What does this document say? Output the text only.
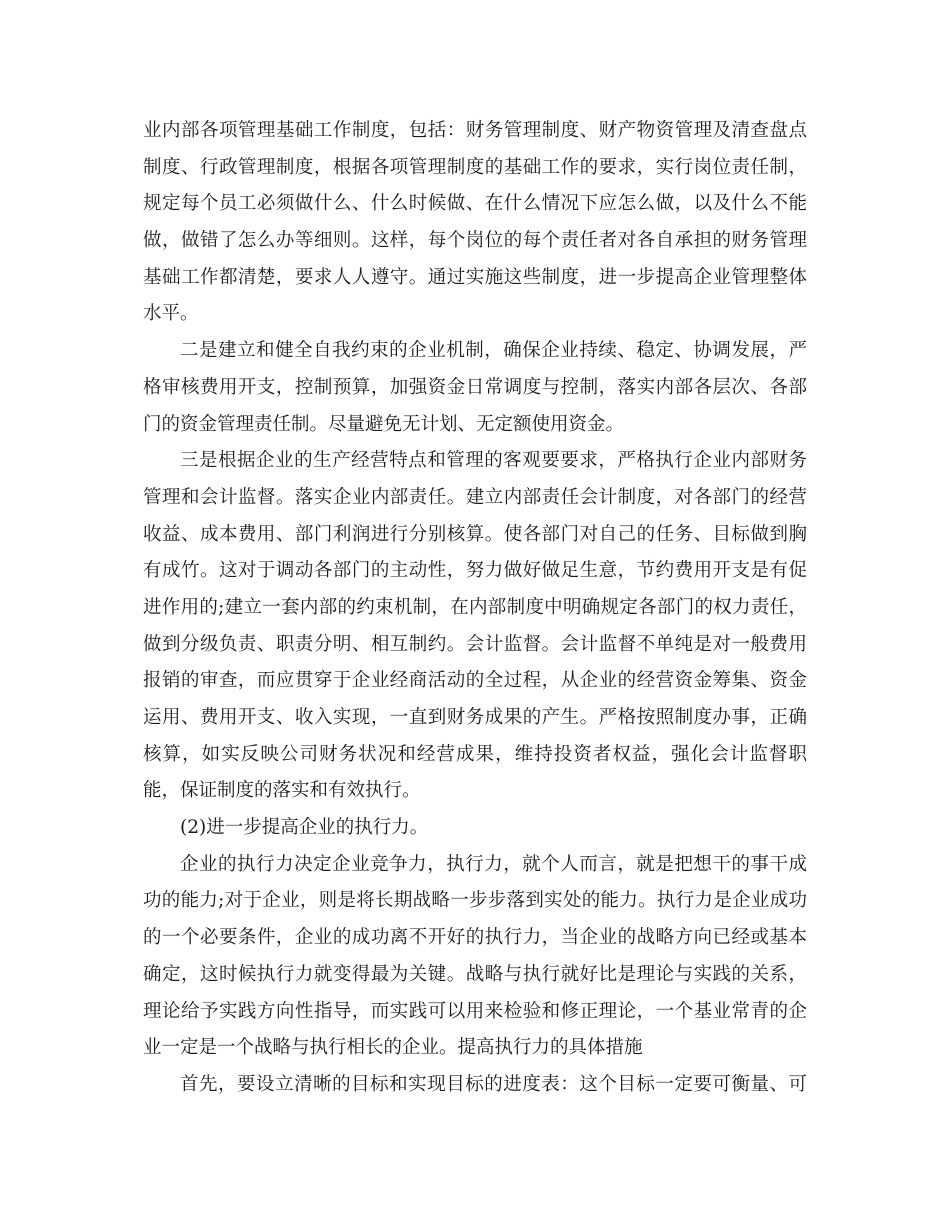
业内部各项管理基础工作制度，包括：财务管理制度、财产物资管理及清查盘点
制度、行政管理制度，根据各项管理制度的基础工作的要求，实行岗位责任制，
规定每个员工必须做什么、什么时候做、在什么情况下应怎么做，以及什么不能
做，做错了怎么办等细则。这样，每个岗位的每个责任者对各自承担的财务管理
基础工作都清楚，要求人人遵守。通过实施这些制度，进一步提高企业管理整体
水平。
二是建立和健全自我约束的企业机制，确保企业持续、稳定、协调发展，严
格审核费用开支，控制预算，加强资金日常调度与控制，落实内部各层次、各部
门的资金管理责任制。尽量避免无计划、无定额使用资金。
三是根据企业的生产经营特点和管理的客观要要求，严格执行企业内部财务
管理和会计监督。落实企业内部责任。建立内部责任会计制度，对各部门的经营
收益、成本费用、部门利润进行分别核算。使各部门对自己的任务、目标做到胸
有成竹。这对于调动各部门的主动性，努力做好做足生意，节约费用开支是有促
进作用的;建立一套内部的约束机制，在内部制度中明确规定各部门的权力责任，
做到分级负责、职责分明、相互制约。会计监督。会计监督不单纯是对一般费用
报销的审查，而应贯穿于企业经商活动的全过程，从企业的经营资金筹集、资金
运用、费用开支、收入实现，一直到财务成果的产生。严格按照制度办事，正确
核算，如实反映公司财务状况和经营成果，维持投资者权益，强化会计监督职
能，保证制度的落实和有效执行。
(2)进一步提高企业的执行力。
企业的执行力决定企业竞争力，执行力，就个人而言，就是把想干的事干成
功的能力;对于企业，则是将长期战略一步步落到实处的能力。执行力是企业成功
的一个必要条件，企业的成功离不开好的执行力，当企业的战略方向已经或基本
确定，这时候执行力就变得最为关键。战略与执行就好比是理论与实践的关系，
理论给予实践方向性指导，而实践可以用来检验和修正理论，一个基业常青的企
业一定是一个战略与执行相长的企业。提高执行力的具体措施
首先，要设立清晰的目标和实现目标的进度表：这个目标一定要可衡量、可
